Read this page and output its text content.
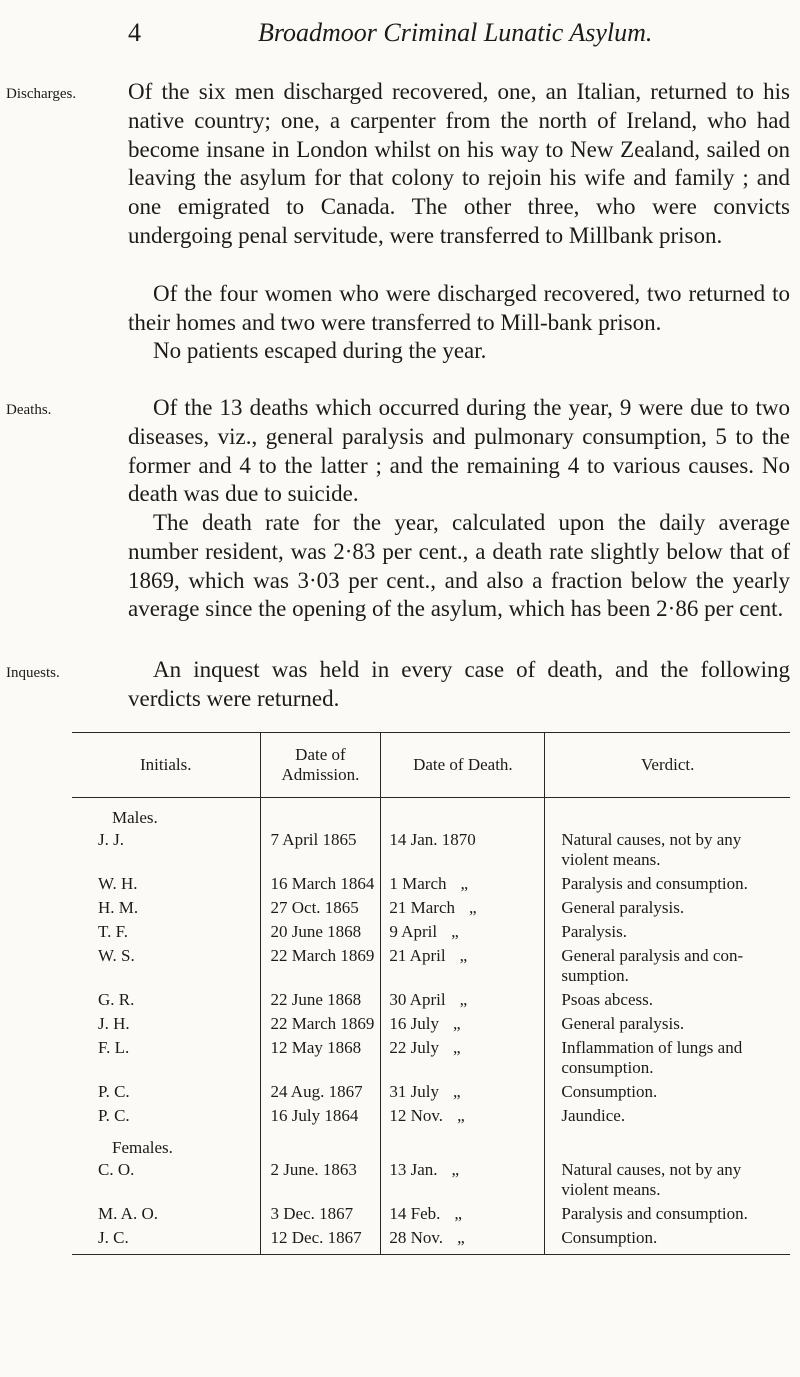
4	Broadmoor Criminal Lunatic Asylum.
Discharges. Of the six men discharged recovered, one, an Italian, returned to his native country; one, a carpenter from the north of Ireland, who had become insane in London whilst on his way to New Zealand, sailed on leaving the asylum for that colony to rejoin his wife and family ; and one emigrated to Canada. The other three, who were convicts undergoing penal servitude, were transferred to Millbank prison.

Of the four women who were discharged recovered, two returned to their homes and two were transferred to Mill-bank prison.

No patients escaped during the year.

Deaths.	Of the 13 deaths which occurred during the year, 9 were due to two diseases, viz., general paralysis and pulmonary consumption, 5 to the former and 4 to the latter ; and the remaining 4 to various causes. No death was due to suicide.

The death rate for the year, calculated upon the daily average number resident, was 2·83 per cent., a death rate slightly below that of 1869, which was 3·03 per cent., and also a fraction below the yearly average since the opening of the asylum, which has been 2·86 per cent.

Inquests.	An inquest was held in every case of death, and the following verdicts were returned.

Initials.	Date of Admission.	Date of Death.	Verdict.
Males.			
J. J.	7 April 1865	14 Jan. 1870	Natural causes, not by any violent means.
W. H.	16 March 1864	1 March „	Paralysis and consumption.
H. M.	27 Oct. 1865	21 March „	General paralysis.
T. F.	20 June 1868	9 April „	Paralysis.
W. S.	22 March 1869	21 April „	General paralysis and con-sumption.
G. R.	22 June 1868	30 April „	Psoas abcess.
J. H.	22 March 1869	16 July „	General paralysis.
F. L.	12 May 1868	22 July „	Inflammation of lungs and consumption.
P. C.	24 Aug. 1867	31 July „	Consumption.
P. C.	16 July 1864	12 Nov. „	Jaundice.
Females.			
C. O.	2 June. 1863	13 Jan. „	Natural causes, not by any violent means.
M. A. O.	3 Dec. 1867	14 Feb. „	Paralysis and consumption.
J. C.	12 Dec. 1867	28 Nov. „	Consumption.
